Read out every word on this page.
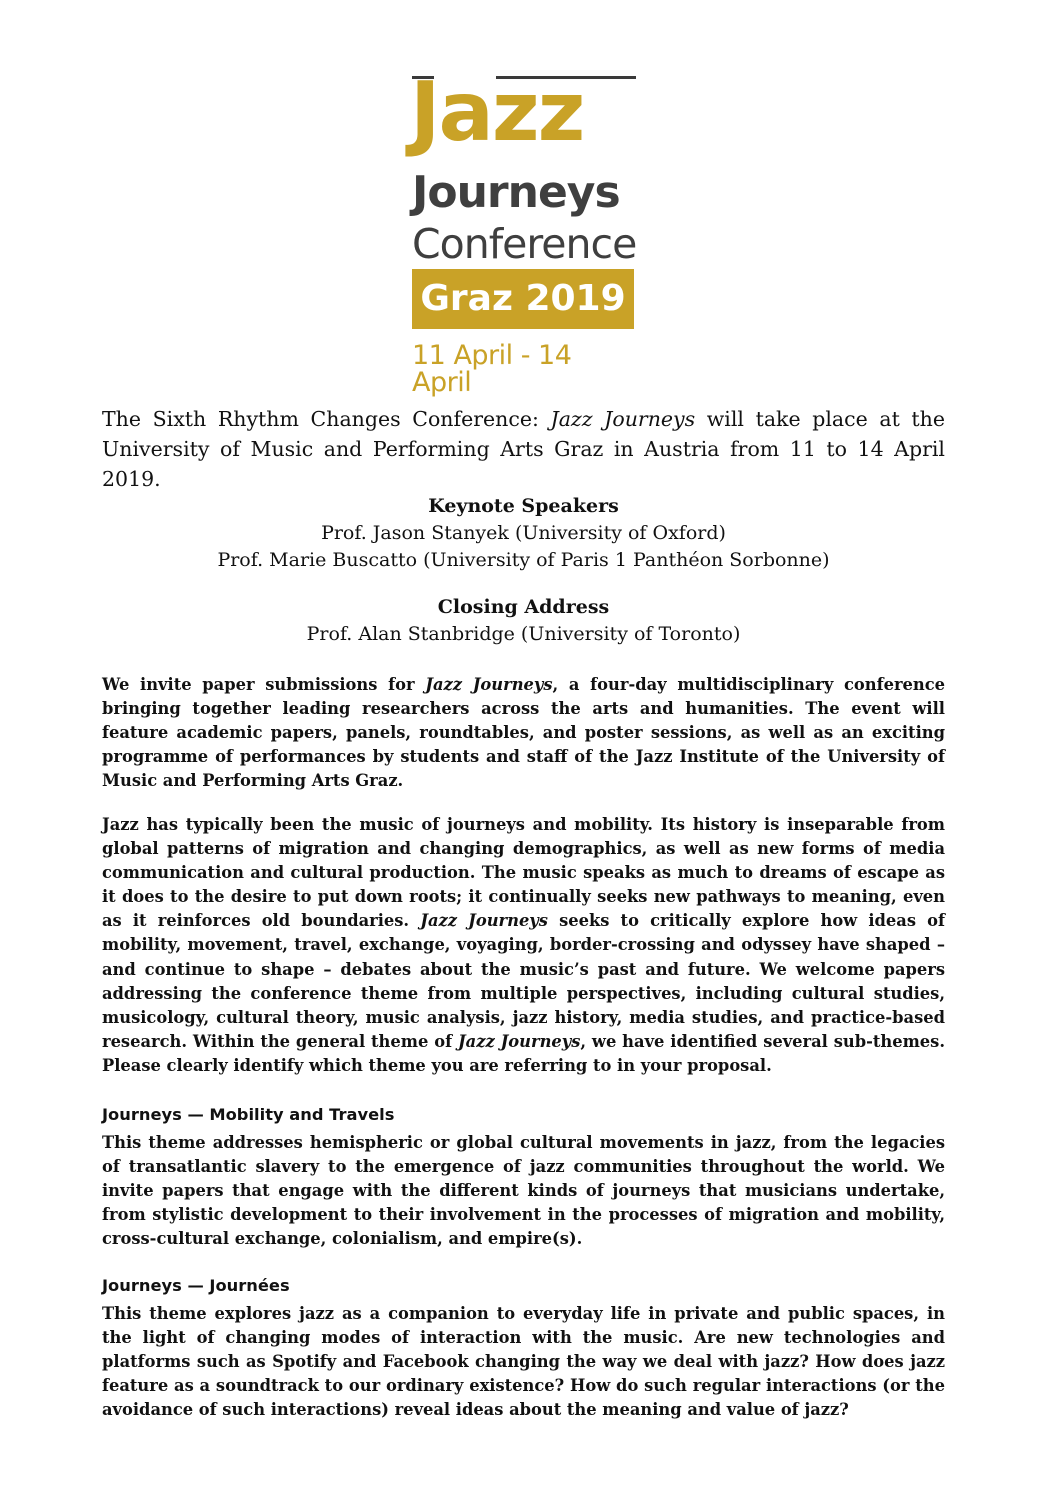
Jazz
Journeys
Conference
Graz 2019
11 April - 14 April

The Sixth Rhythm Changes Conference: Jazz Journeys will take place at the University of Music and Performing Arts Graz in Austria from 11 to 14 April 2019.

Keynote Speakers
Prof. Jason Stanyek (University of Oxford)
Prof. Marie Buscatto (University of Paris 1 Panthéon Sorbonne)
Closing Address
Prof. Alan Stanbridge (University of Toronto)

We invite paper submissions for Jazz Journeys, a four-day multidisciplinary conference bringing together leading researchers across the arts and humanities. The event will feature academic papers, panels, roundtables, and poster sessions, as well as an exciting programme of performances by students and staff of the Jazz Institute of the University of Music and Performing Arts Graz.

Jazz has typically been the music of journeys and mobility. Its history is inseparable from global patterns of migration and changing demographics, as well as new forms of media communication and cultural production. The music speaks as much to dreams of escape as it does to the desire to put down roots; it continually seeks new pathways to meaning, even as it reinforces old boundaries. Jazz Journeys seeks to critically explore how ideas of mobility, movement, travel, exchange, voyaging, border-crossing and odyssey have shaped – and continue to shape – debates about the music’s past and future. We welcome papers addressing the conference theme from multiple perspectives, including cultural studies, musicology, cultural theory, music analysis, jazz history, media studies, and practice-based research. Within the general theme of Jazz Journeys, we have identified several sub-themes. Please clearly identify which theme you are referring to in your proposal.

Journeys — Mobility and Travels

This theme addresses hemispheric or global cultural movements in jazz, from the legacies of transatlantic slavery to the emergence of jazz communities throughout the world. We invite papers that engage with the different kinds of journeys that musicians undertake, from stylistic development to their involvement in the processes of migration and mobility, cross-cultural exchange, colonialism, and empire(s).

Journeys — Journées

This theme explores jazz as a companion to everyday life in private and public spaces, in the light of changing modes of interaction with the music. Are new technologies and platforms such as Spotify and Facebook changing the way we deal with jazz? How does jazz feature as a soundtrack to our ordinary existence? How do such regular interactions (or the avoidance of such interactions) reveal ideas about the meaning and value of jazz?
